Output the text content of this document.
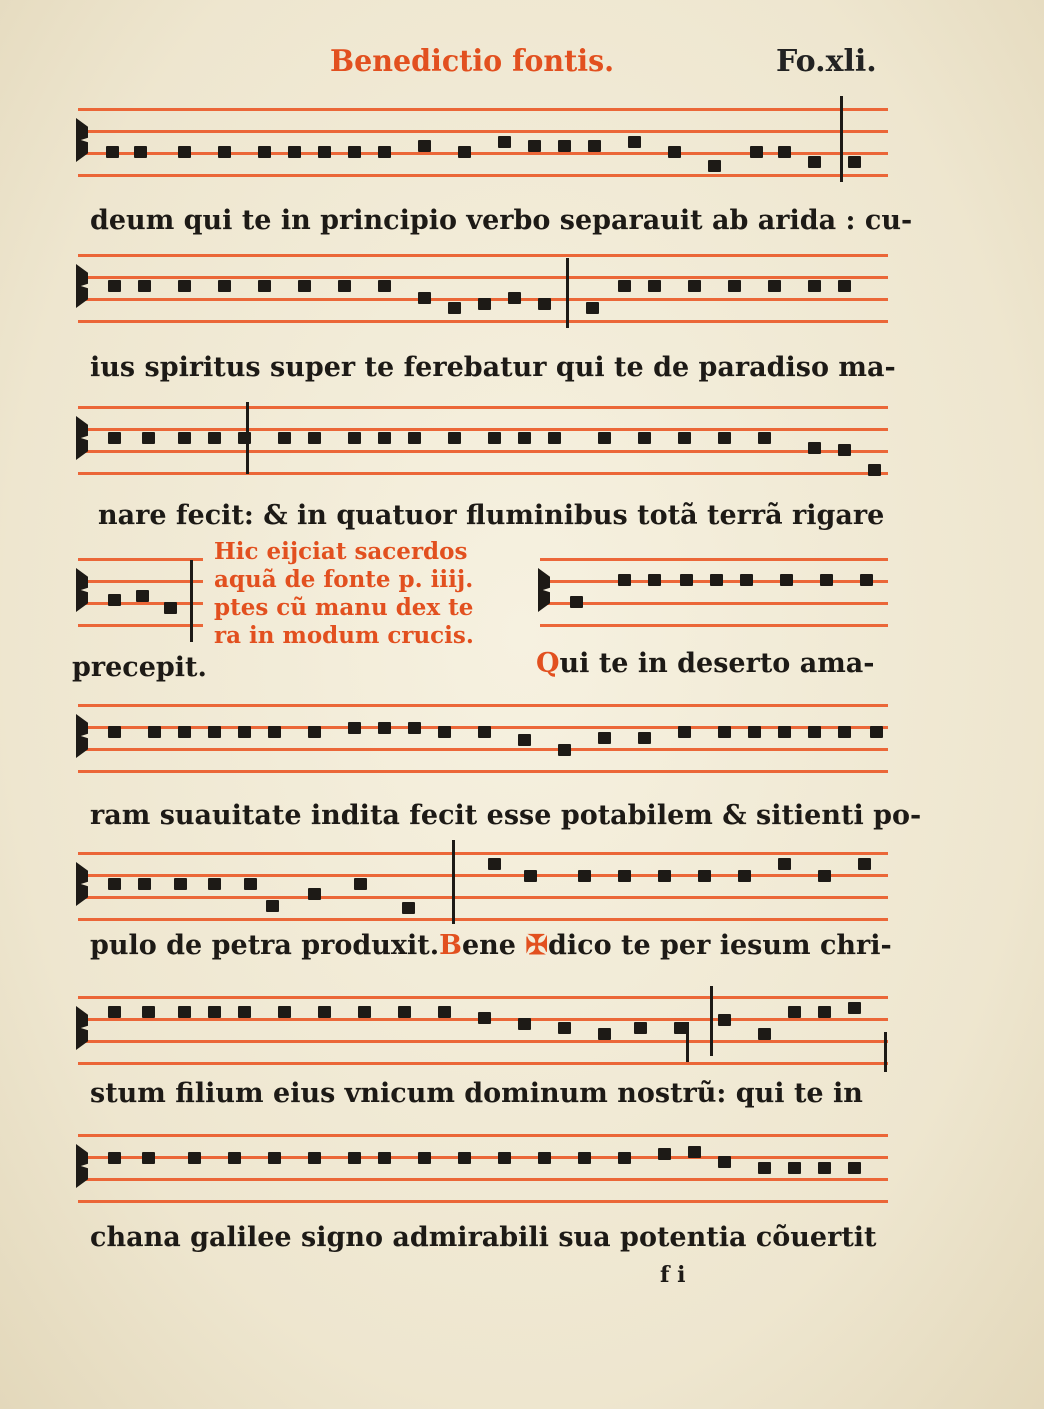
Benedictio fontis.	Fo.xli.
deum qui te in principio verbo separauit ab arida : cu-
ius spiritus super te ferebatur qui te de paradiso ma-
nare fecit: & in quatuor fluminibus totã terrã rigare
Hic eijciat sacerdos
aquã de fonte p. iiij.
ptes cũ manu dex te
ra in modum crucis.
precepit.	Qui te in deserto ama-
ram suauitate indita fecit esse potabilem & sitienti po-
pulo de petra produxit.Bene ✠dico te per iesum chri-
stum filium eius vnicum dominum nostrũ: qui te in
chana galilee signo admirabili sua potentia cõuertit
f i
